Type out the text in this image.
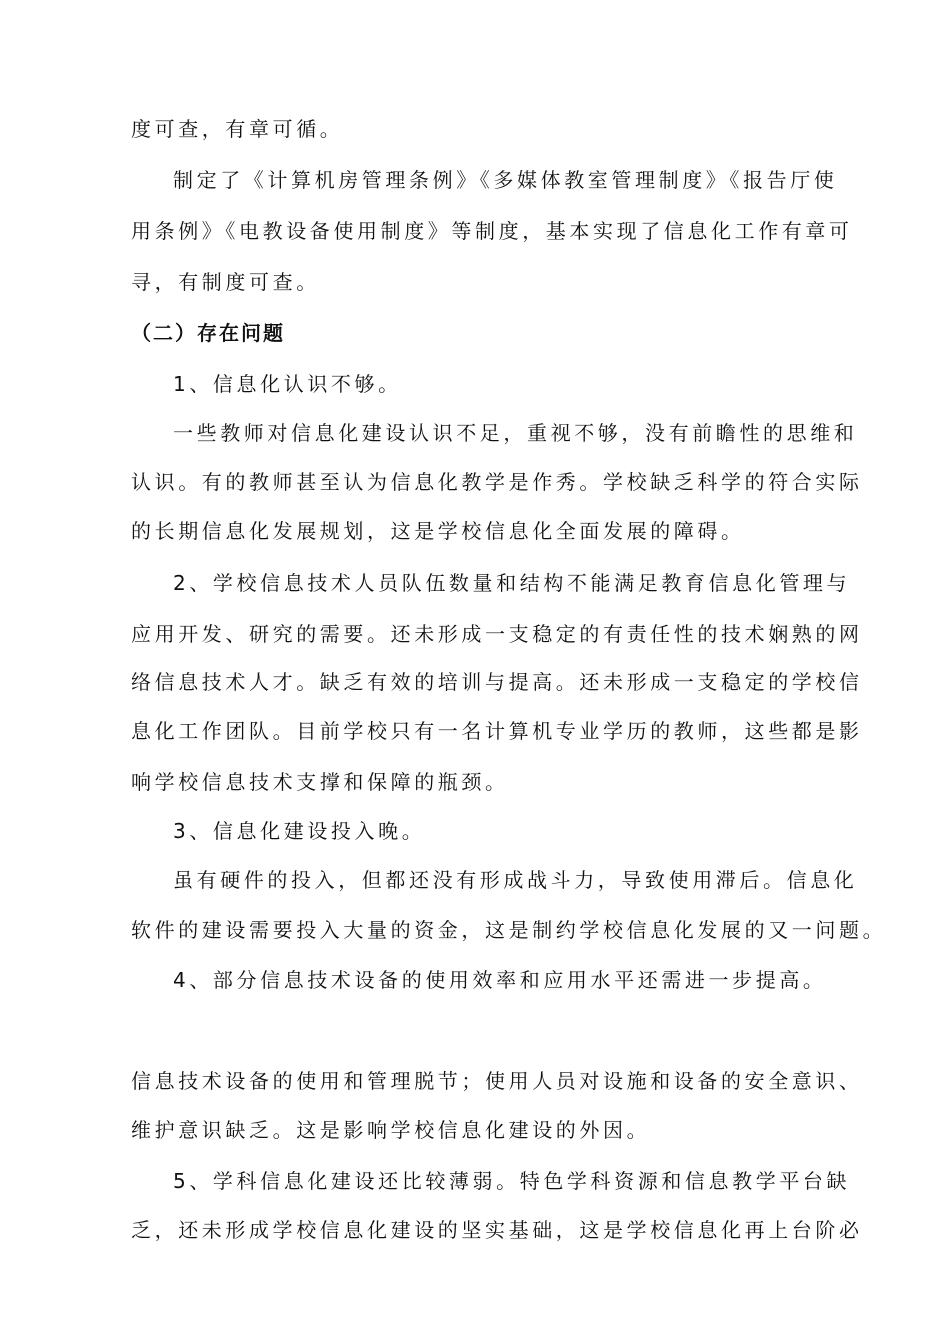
度可查，有章可循。
制定了《计算机房管理条例》《多媒体教室管理制度》《报告厅使
用条例》《电教设备使用制度》等制度，基本实现了信息化工作有章可
寻，有制度可查。
（二）存在问题
1、信息化认识不够。
一些教师对信息化建设认识不足，重视不够，没有前瞻性的思维和
认识。有的教师甚至认为信息化教学是作秀。学校缺乏科学的符合实际
的长期信息化发展规划，这是学校信息化全面发展的障碍。
2、学校信息技术人员队伍数量和结构不能满足教育信息化管理与
应用开发、研究的需要。还未形成一支稳定的有责任性的技术娴熟的网
络信息技术人才。缺乏有效的培训与提高。还未形成一支稳定的学校信
息化工作团队。目前学校只有一名计算机专业学历的教师，这些都是影
响学校信息技术支撑和保障的瓶颈。
3、信息化建设投入晚。
虽有硬件的投入，但都还没有形成战斗力，导致使用滞后。信息化
软件的建设需要投入大量的资金，这是制约学校信息化发展的又一问题。
4、部分信息技术设备的使用效率和应用水平还需进一步提高。
信息技术设备的使用和管理脱节；使用人员对设施和设备的安全意识、
维护意识缺乏。这是影响学校信息化建设的外因。
5、学科信息化建设还比较薄弱。特色学科资源和信息教学平台缺
乏，还未形成学校信息化建设的坚实基础，这是学校信息化再上台阶必
